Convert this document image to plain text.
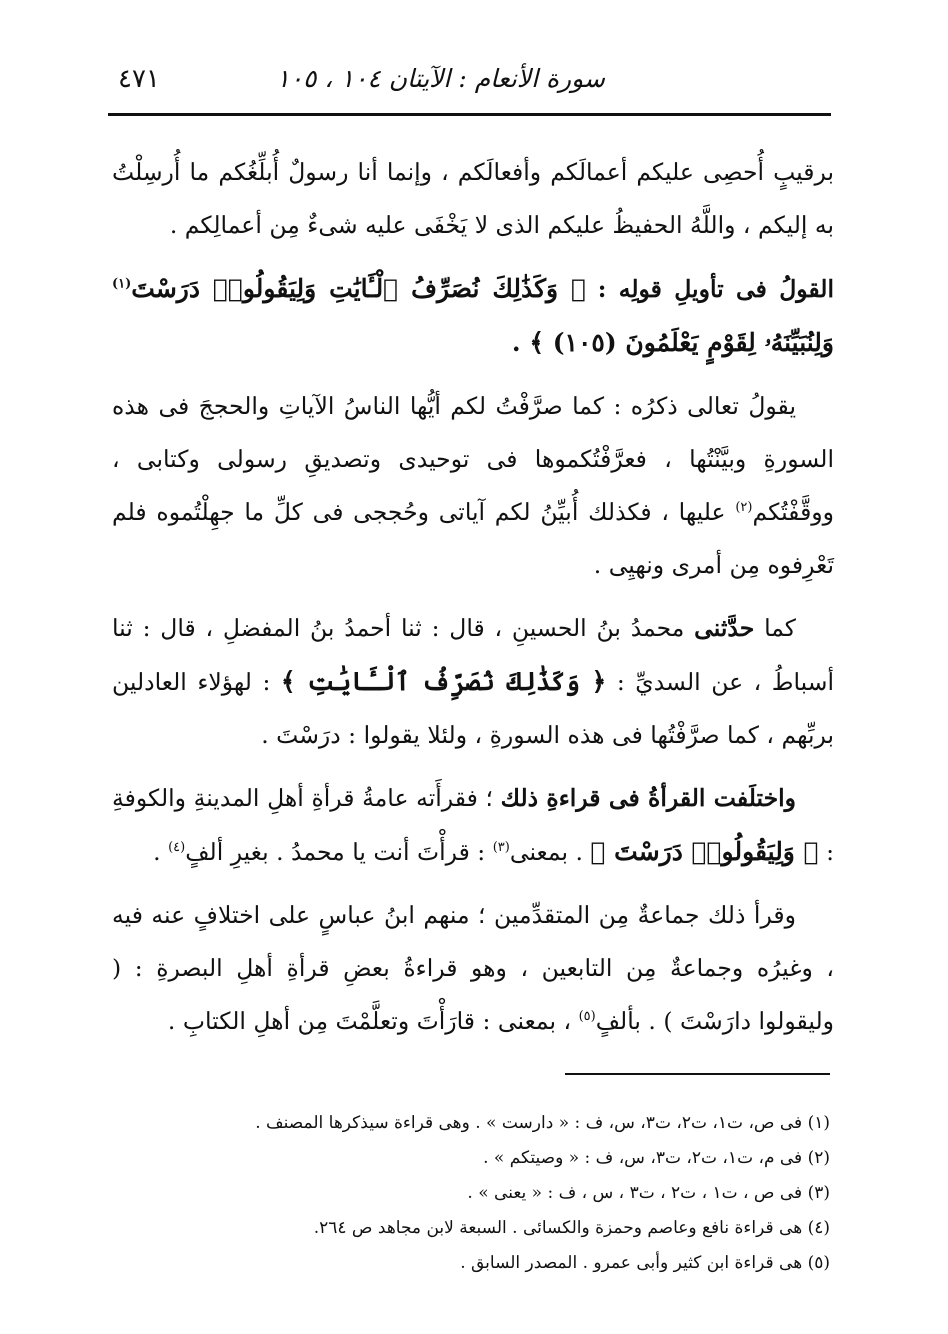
سورة الأنعام : الآيتان ١٠٤ ، ١٠٥
٤٧١

برقيبٍ أُحصِى عليكم أعمالَكم وأفعالَكم ، وإنما أنا رسولٌ أُبلِّغُكم ما أُرسِلْتُ به إليكم ، واللَّهُ الحفيظُ عليكم الذى لا يَخْفَى عليه شىءٌ مِن أعمالِكم .

القولُ فى تأويلِ قولِه : ﴿ وَكَذَٰلِكَ نُصَرِّفُ ٱلْـَٔايَٰتِ وَلِيَقُولُوا۟ دَرَسْتَ$^{(١)}$ وَلِنُبَيِّنَهُۥ لِقَوْمٍ يَعْلَمُونَ (١٠٥) ﴾ .

يقولُ تعالى ذكرُه : كما صرَّفْتُ لكم أيُّها الناسُ الآياتِ والحججَ فى هذه السورةِ وبيَّنْتُها ، فعرَّفْتُكموها فى توحيدى وتصديقِ رسولى وكتابى ، ووقَّفْتُكم$^{(٢)}$ عليها ، فكذلك أُبيِّنُ لكم آياتى وحُججى فى كلِّ ما جهِلْتُموه فلم تَعْرِفوه مِن أمرى ونهيِى .

كما حدَّثنى محمدُ بنُ الحسينِ ، قال : ثنا أحمدُ بنُ المفضلِ ، قال : ثنا أسباطُ ، عن السديِّ : ﴿ وَكَذَٰلِكَ نُصَرِّفُ ٱلْـَٔايَٰتِ ﴾ : لهؤلاء العادلين بربِّهم ، كما صرَّفْتُها فى هذه السورةِ ، ولئلا يقولوا : درَسْتَ .

واختلَفت القرأةُ فى قراءةِ ذلك ؛ فقرأَته عامةُ قرأةِ أهلِ المدينةِ والكوفةِ : ﴿ وَلِيَقُولُوا۟ دَرَسْتَ ﴾ . بمعنى$^{(٣)}$ : قرأْتَ أنت يا محمدُ . بغيرِ ألفٍ$^{(٤)}$ .

وقرأ ذلك جماعةٌ مِن المتقدِّمين ؛ منهم ابنُ عباسٍ على اختلافٍ عنه فيه ، وغيرُه وجماعةٌ مِن التابعين ، وهو قراءةُ بعضِ قرأةِ أهلِ البصرةِ : ( وليقولوا دارَسْتَ ) . بألفٍ$^{(٥)}$ ، بمعنى : قارَأْتَ وتعلَّمْتَ مِن أهلِ الكتابِ .

(١) فى ص، ت١، ت٢، ت٣، س، ف : « دارست » . وهى قراءة سيذكرها المصنف .

(٢) فى م، ت١، ت٢، ت٣، س، ف : « وصيتكم » .

(٣) فى ص ، ت١ ، ت٢ ، ت٣ ، س ، ف : « يعنى » .

(٤) هى قراءة نافع وعاصم وحمزة والكسائى . السبعة لابن مجاهد ص ٢٦٤.

(٥) هى قراءة ابن كثير وأبى عمرو . المصدر السابق .
